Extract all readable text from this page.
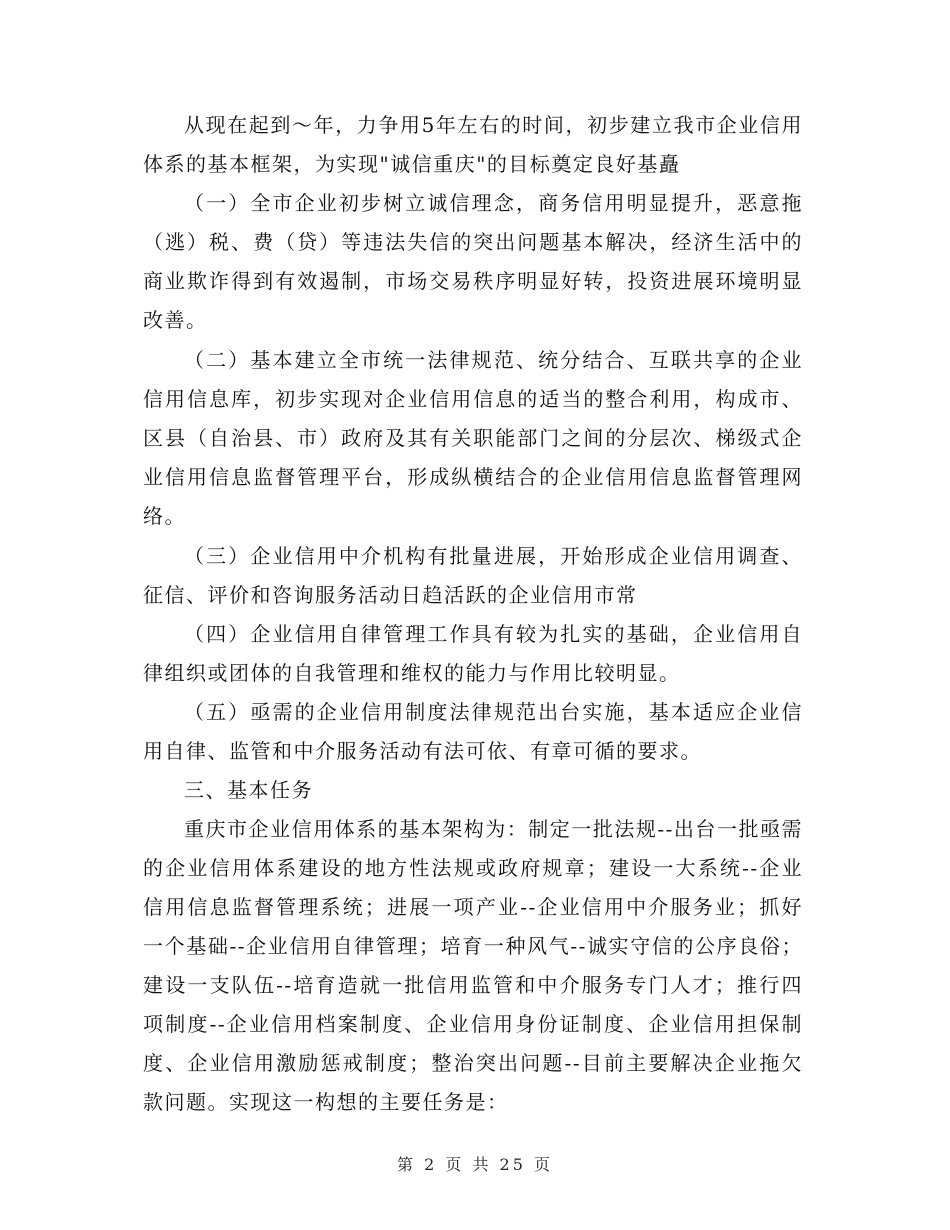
从现在起到～年，力争用5年左右的时间，初步建立我市企业信用体系的基本框架，为实现"诚信重庆"的目标奠定良好基矗

（一）全市企业初步树立诚信理念，商务信用明显提升，恶意拖（逃）税、费（贷）等违法失信的突出问题基本解决，经济生活中的商业欺诈得到有效遏制，市场交易秩序明显好转，投资进展环境明显改善。

（二）基本建立全市统一法律规范、统分结合、互联共享的企业信用信息库，初步实现对企业信用信息的适当的整合利用，构成市、区县（自治县、市）政府及其有关职能部门之间的分层次、梯级式企业信用信息监督管理平台，形成纵横结合的企业信用信息监督管理网络。

（三）企业信用中介机构有批量进展，开始形成企业信用调查、征信、评价和咨询服务活动日趋活跃的企业信用市常

（四）企业信用自律管理工作具有较为扎实的基础，企业信用自律组织或团体的自我管理和维权的能力与作用比较明显。

（五）亟需的企业信用制度法律规范出台实施，基本适应企业信用自律、监管和中介服务活动有法可依、有章可循的要求。

三、基本任务

重庆市企业信用体系的基本架构为：制定一批法规--出台一批亟需的企业信用体系建设的地方性法规或政府规章；建设一大系统--企业信用信息监督管理系统；进展一项产业--企业信用中介服务业；抓好一个基础--企业信用自律管理；培育一种风气--诚实守信的公序良俗；建设一支队伍--培育造就一批信用监管和中介服务专门人才；推行四项制度--企业信用档案制度、企业信用身份证制度、企业信用担保制度、企业信用激励惩戒制度；整治突出问题--目前主要解决企业拖欠款问题。实现这一构想的主要任务是：

第 2 页 共 25 页
